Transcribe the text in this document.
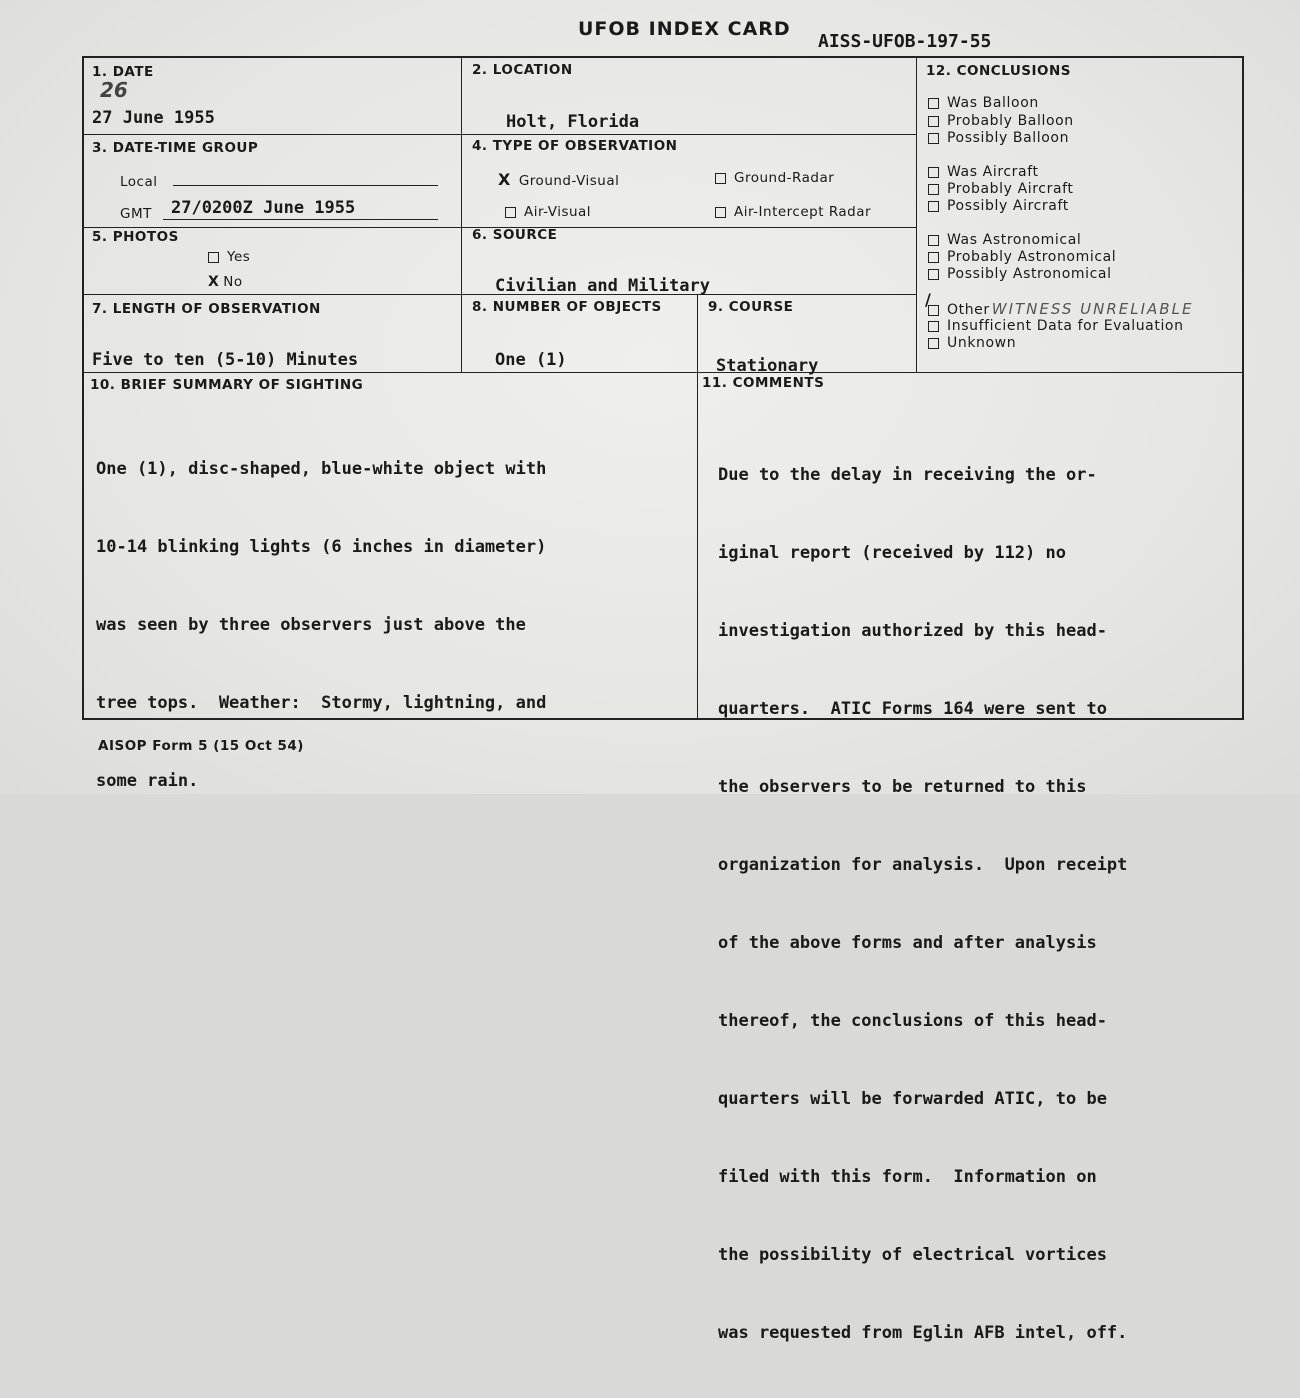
UFOB INDEX CARD
AISS-UFOB-197-55
1. DATE
26
27 June 1955
2. LOCATION
Holt, Florida
3. DATE-TIME GROUP
Local
GMT 27/0200Z June 1955
4. TYPE OF OBSERVATION
X Ground-Visual	Ground-Radar
Air-Visual	Air-Intercept Radar
5. PHOTOS
Yes
X No
6. SOURCE
Civilian and Military
7. LENGTH OF OBSERVATION
Five to ten (5-10) Minutes
8. NUMBER OF OBJECTS
One (1)
9. COURSE
Stationary
10. BRIEF SUMMARY OF SIGHTING

One (1), disc-shaped, blue-white object with

10-14 blinking lights (6 inches in diameter)

was seen by three observers just above the

tree tops.  Weather:  Stormy, lightning, and

some rain.

11. COMMENTS

Due to the delay in receiving the or-

iginal report (received by 112) no

investigation authorized by this head-

quarters.  ATIC Forms 164 were sent to

the observers to be returned to this

organization for analysis.  Upon receipt

of the above forms and after analysis

thereof, the conclusions of this head-

quarters will be forwarded ATIC, to be

filed with this form.  Information on

the possibility of electrical vortices

was requested from Eglin AFB intel, off.

12. CONCLUSIONS
Was Balloon
Probably Balloon
Possibly Balloon
Was Aircraft
Probably Aircraft
Possibly Aircraft
Was Astronomical
Probably Astronomical
Possibly Astronomical
Other WITNESS UNRELIABLE
/
Insufficient Data for Evaluation
Unknown
AISOP Form 5 (15 Oct 54)
